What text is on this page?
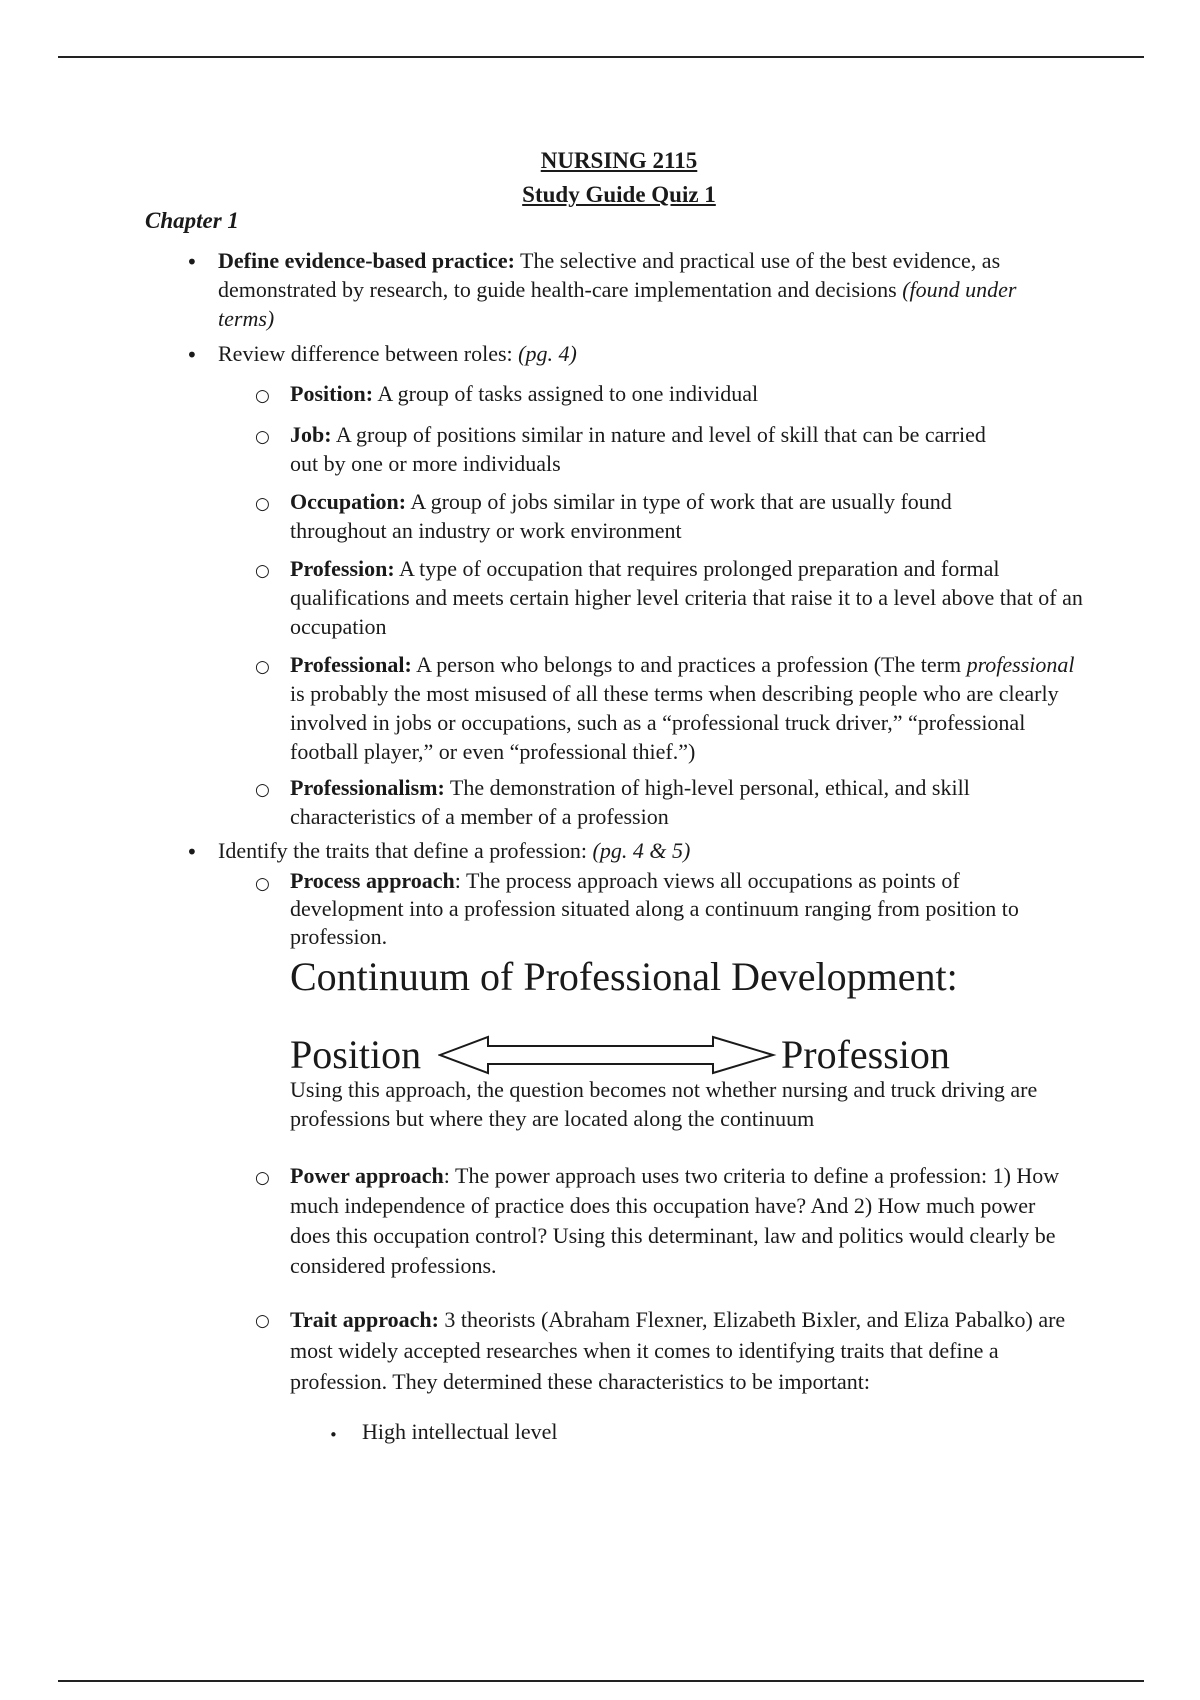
NURSING 2115
Study Guide Quiz 1
Chapter 1
• Define evidence-based practice: The selective and practical use of the best evidence, as demonstrated by research, to guide health-care implementation and decisions (found under terms)
• Review difference between roles: (pg. 4)
○ Position: A group of tasks assigned to one individual
○ Job: A group of positions similar in nature and level of skill that can be carried out by one or more individuals
○ Occupation: A group of jobs similar in type of work that are usually found throughout an industry or work environment
○ Profession: A type of occupation that requires prolonged preparation and formal qualifications and meets certain higher level criteria that raise it to a level above that of an occupation
○ Professional: A person who belongs to and practices a profession (The term professional is probably the most misused of all these terms when describing people who are clearly involved in jobs or occupations, such as a “professional truck driver,” “professional football player,” or even “professional thief.”)
○ Professionalism: The demonstration of high-level personal, ethical, and skill characteristics of a member of a profession
• Identify the traits that define a profession: (pg. 4 & 5)
○ Process approach: The process approach views all occupations as points of development into a profession situated along a continuum ranging from position to profession.
Continuum of Professional Development:
Position	Profession
Using this approach, the question becomes not whether nursing and truck driving are professions but where they are located along the continuum
○ Power approach: The power approach uses two criteria to define a profession: 1) How much independence of practice does this occupation have? And 2) How much power does this occupation control? Using this determinant, law and politics would clearly be considered professions.
○ Trait approach: 3 theorists (Abraham Flexner, Elizabeth Bixler, and Eliza Pabalko) are most widely accepted researches when it comes to identifying traits that define a profession. They determined these characteristics to be important:
• High intellectual level
